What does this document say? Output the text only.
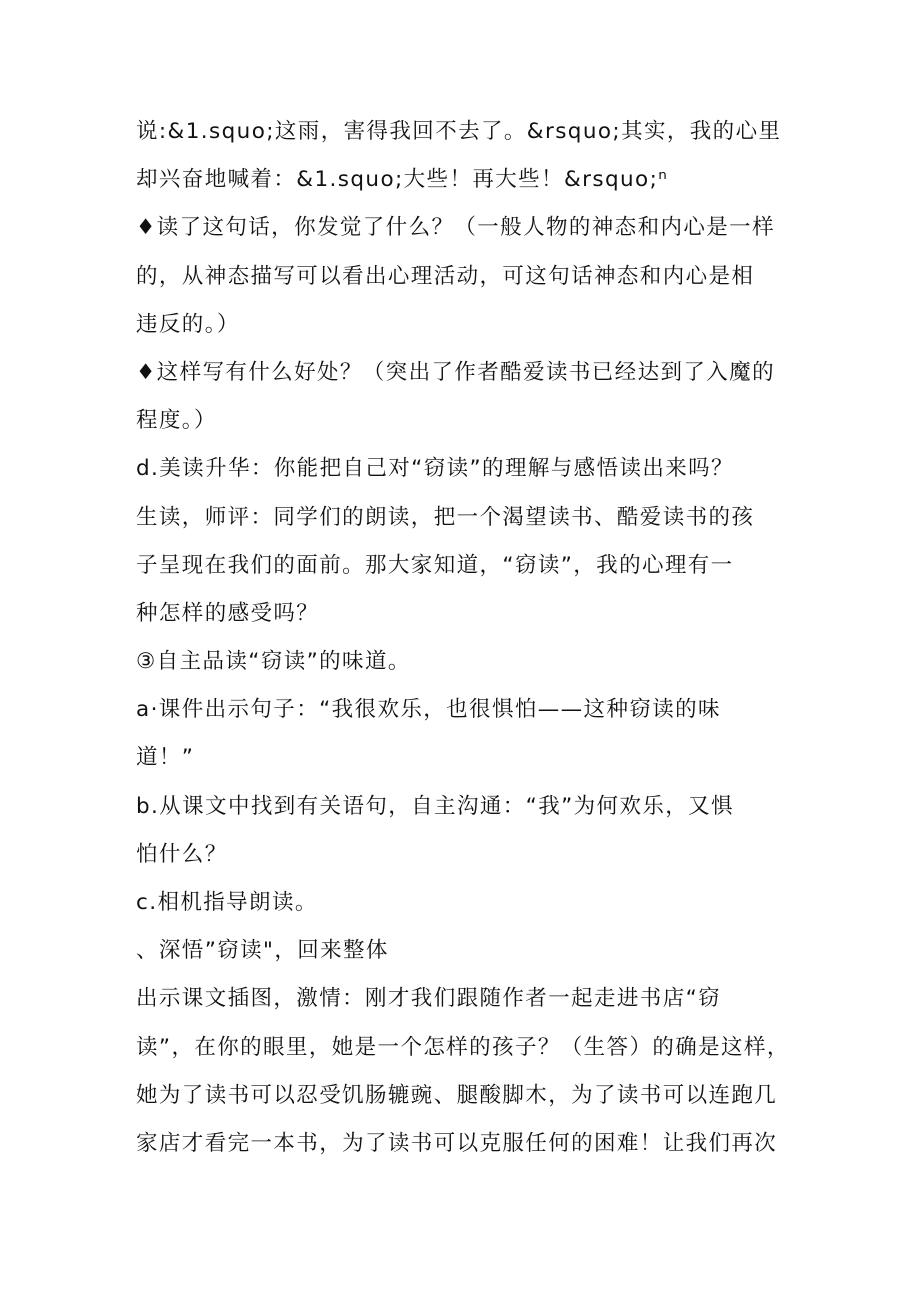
说:&1.squo;这雨，害得我回不去了。&rsquo;其实，我的心里
却兴奋地喊着：&1.squo;大些！再大些！&rsquo;ⁿ
♦读了这句话，你发觉了什么？（一般人物的神态和内心是一样
的，从神态描写可以看出心理活动，可这句话神态和内心是相
违反的。）
♦这样写有什么好处？（突出了作者酷爱读书已经达到了入魔的
程度。）
d.美读升华：你能把自己对“窃读”的理解与感悟读出来吗？
生读，师评：同学们的朗读，把一个渴望读书、酷爱读书的孩
子呈现在我们的面前。那大家知道，“窃读”，我的心理有一
种怎样的感受吗？
③自主品读“窃读”的味道。
a·课件出示句子：“我很欢乐，也很惧怕——这种窃读的味
道！”
b.从课文中找到有关语句，自主沟通：“我”为何欢乐，又惧
怕什么？
c.相机指导朗读。
、深悟”窃读"，回来整体
出示课文插图，激情：刚才我们跟随作者一起走进书店“窃
读”，在你的眼里，她是一个怎样的孩子？（生答）的确是这样，
她为了读书可以忍受饥肠辘豌、腿酸脚木，为了读书可以连跑几
家店才看完一本书，为了读书可以克服任何的困难！让我们再次
